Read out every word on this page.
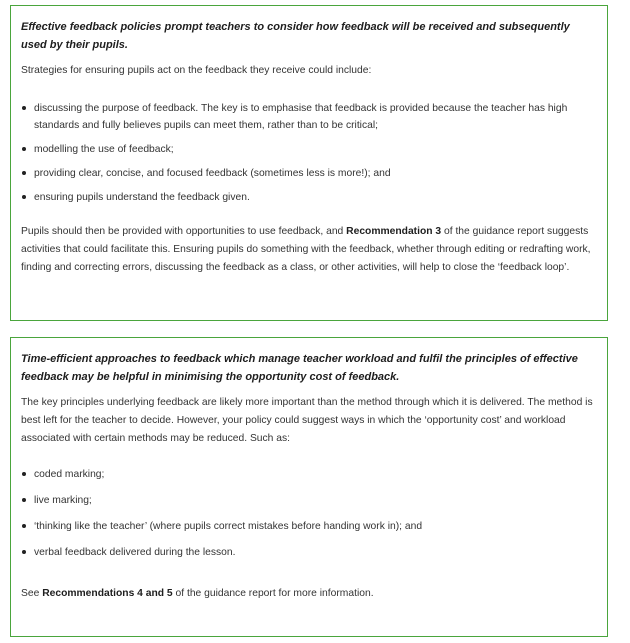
Effective feedback policies prompt teachers to consider how feedback will be received and subsequently used by their pupils.

Strategies for ensuring pupils act on the feedback they receive could include:

discussing the purpose of feedback. The key is to emphasise that feedback is provided because the teacher has high standards and fully believes pupils can meet them, rather than to be critical;
modelling the use of feedback;
providing clear, concise, and focused feedback (sometimes less is more!); and
ensuring pupils understand the feedback given.

Pupils should then be provided with opportunities to use feedback, and Recommendation 3 of the guidance report suggests activities that could facilitate this. Ensuring pupils do something with the feedback, whether through editing or redrafting work, finding and correcting errors, discussing the feedback as a class, or other activities, will help to close the ‘feedback loop’.

Time-efficient approaches to feedback which manage teacher workload and fulfil the principles of effective feedback may be helpful in minimising the opportunity cost of feedback.

The key principles underlying feedback are likely more important than the method through which it is delivered. The method is best left for the teacher to decide. However, your policy could suggest ways in which the ‘opportunity cost’ and workload associated with certain methods may be reduced. Such as:

coded marking;
live marking;
‘thinking like the teacher’ (where pupils correct mistakes before handing work in); and
verbal feedback delivered during the lesson.

See Recommendations 4 and 5 of the guidance report for more information.
